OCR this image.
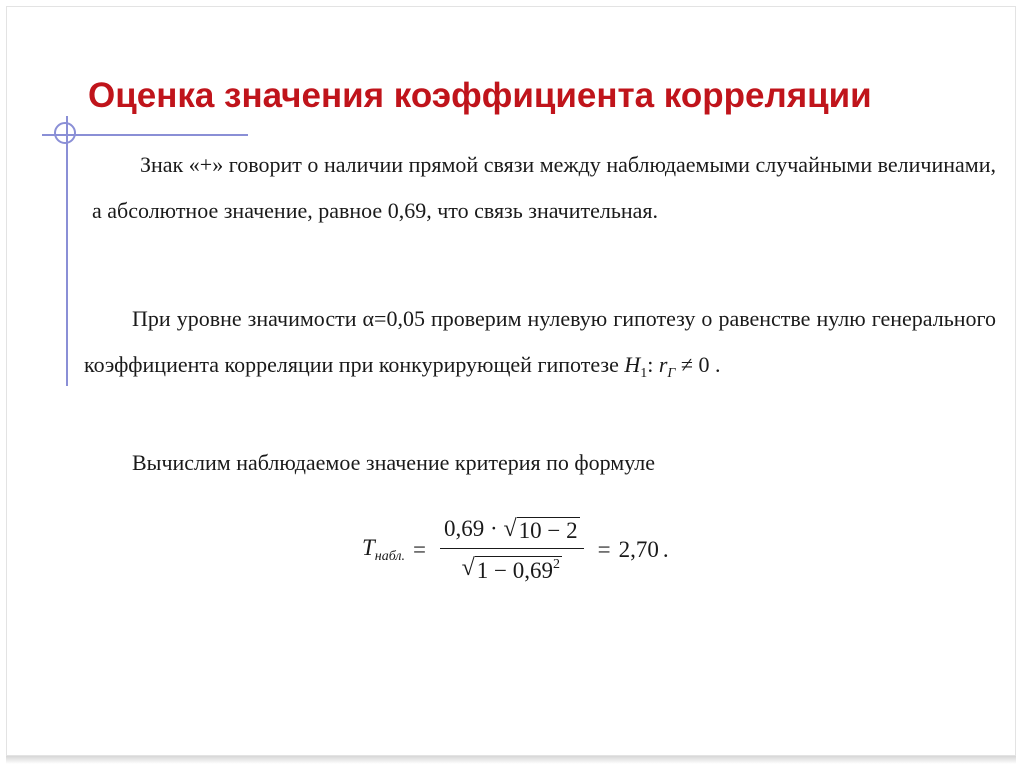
Оценка значения коэффициента корреляции

Знак «+» говорит о наличии прямой связи между наблюдаемыми случайными величинами, а абсолютное значение, равное 0,69, что связь значительная.

При уровне значимости α=0,05 проверим нулевую гипотезу о равенстве нулю генерального коэффициента корреляции при конкурирующей гипотезе $H_1$: $r_Г \ne 0$ .

Вычислим наблюдаемое значение критерия по формуле

$T_{набл.} = \frac{0,69 \cdot √ 10 - 2}{√ 1 - 0,69^2} = 2,70$ .
